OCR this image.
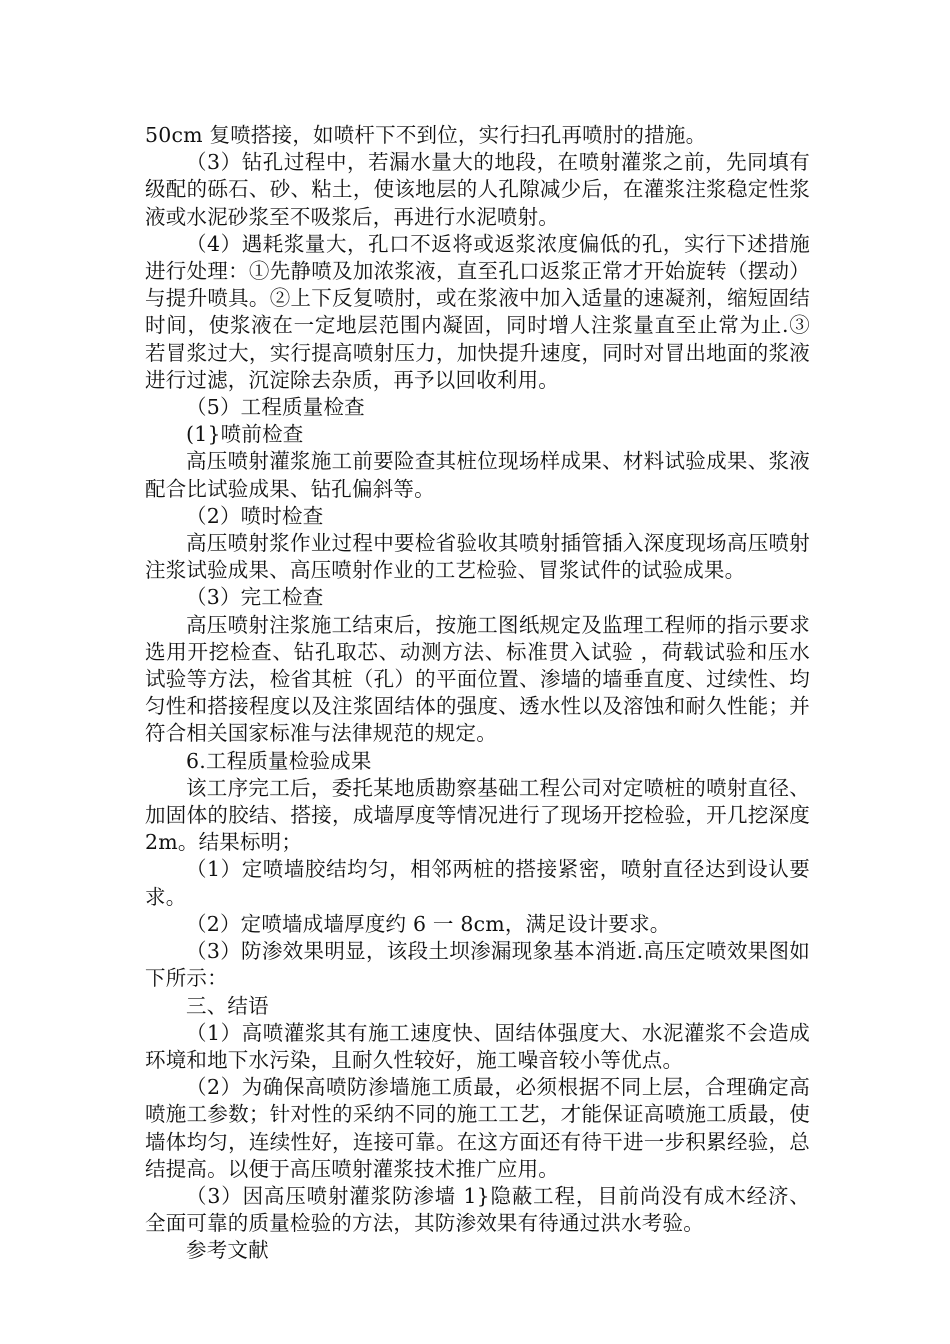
50cm 复喷搭接，如喷杆下不到位，实行扫孔再喷肘的措施。

（3）钻孔过程中，若漏水量大的地段，在喷射灌浆之前，先同填有级配的砾石、砂、粘土，使该地层的人孔隙减少后，在灌浆注浆稳定性浆液或水泥砂浆至不吸浆后，再进行水泥喷射。

（4）遇耗浆量大，孔口不返将或返浆浓度偏低的孔，实行下述措施进行处理：①先静喷及加浓浆液，直至孔口返浆正常才开始旋转（摆动）与提升喷具。②上下反复喷肘，或在浆液中加入适量的速凝剂，缩短固结时间，使浆液在一定地层范围内凝固，同时增人注浆量直至止常为止.③ 若冒浆过大，实行提高喷射压力，加快提升速度，同时对冒出地面的浆液进行过滤，沉淀除去杂质，再予以回收利用。

（5）工程质量检查

(1}喷前检查

高压喷射灌浆施工前要险查其桩位现场样成果、材料试验成果、浆液配合比试验成果、钻孔偏斜等。

（2）喷时检查

高压喷射浆作业过程中要检省验收其喷射插管插入深度现场高压喷射注浆试验成果、高压喷射作业的工艺检验、冒浆试件的试验成果。

（3）完工检查

高压喷射注浆施工结束后，按施工图纸规定及监理工程师的指示要求选用开挖检查、钻孔取芯、动测方法、标准贯入试验 ，荷载试验和压水试验等方法，检省其桩（孔）的平面位置、渗墙的墙垂直度、过续性、均匀性和搭接程度以及注浆固结体的强度、透水性以及溶蚀和耐久性能；并符合相关国家标准与法律规范的规定。

6.工程质量检验成果

该工序完工后，委托某地质勘察基础工程公司对定喷桩的喷射直径、加固体的胶结、搭接，成墙厚度等情况进行了现场开挖检验，开几挖深度 2m。结果标明；

（1）定喷墙胶结均匀，相邻两桩的搭接紧密，喷射直径达到设认要求。

（2）定喷墙成墙厚度约 6 一 8cm，满足设计要求。

（3）防渗效果明显，该段土坝渗漏现象基本消逝.高压定喷效果图如下所示：

三、结语

（1）高喷灌浆其有施工速度快、固结体强度大、水泥灌浆不会造成环境和地下水污染，且耐久性较好，施工噪音较小等优点。

（2）为确保高喷防渗墙施工质最，必须根据不同上层，合理确定高喷施工参数；针对性的采纳不同的施工工艺，才能保证高喷施工质最，使墙体均匀，连续性好，连接可靠。在这方面还有待干进一步积累经验，总结提高。以便于高压喷射灌浆技术推广应用。

（3）因高压喷射灌浆防渗墙 1}隐蔽工程，目前尚没有成木经济、全面可靠的质量检验的方法，其防渗效果有待通过洪水考验。

参考文献
